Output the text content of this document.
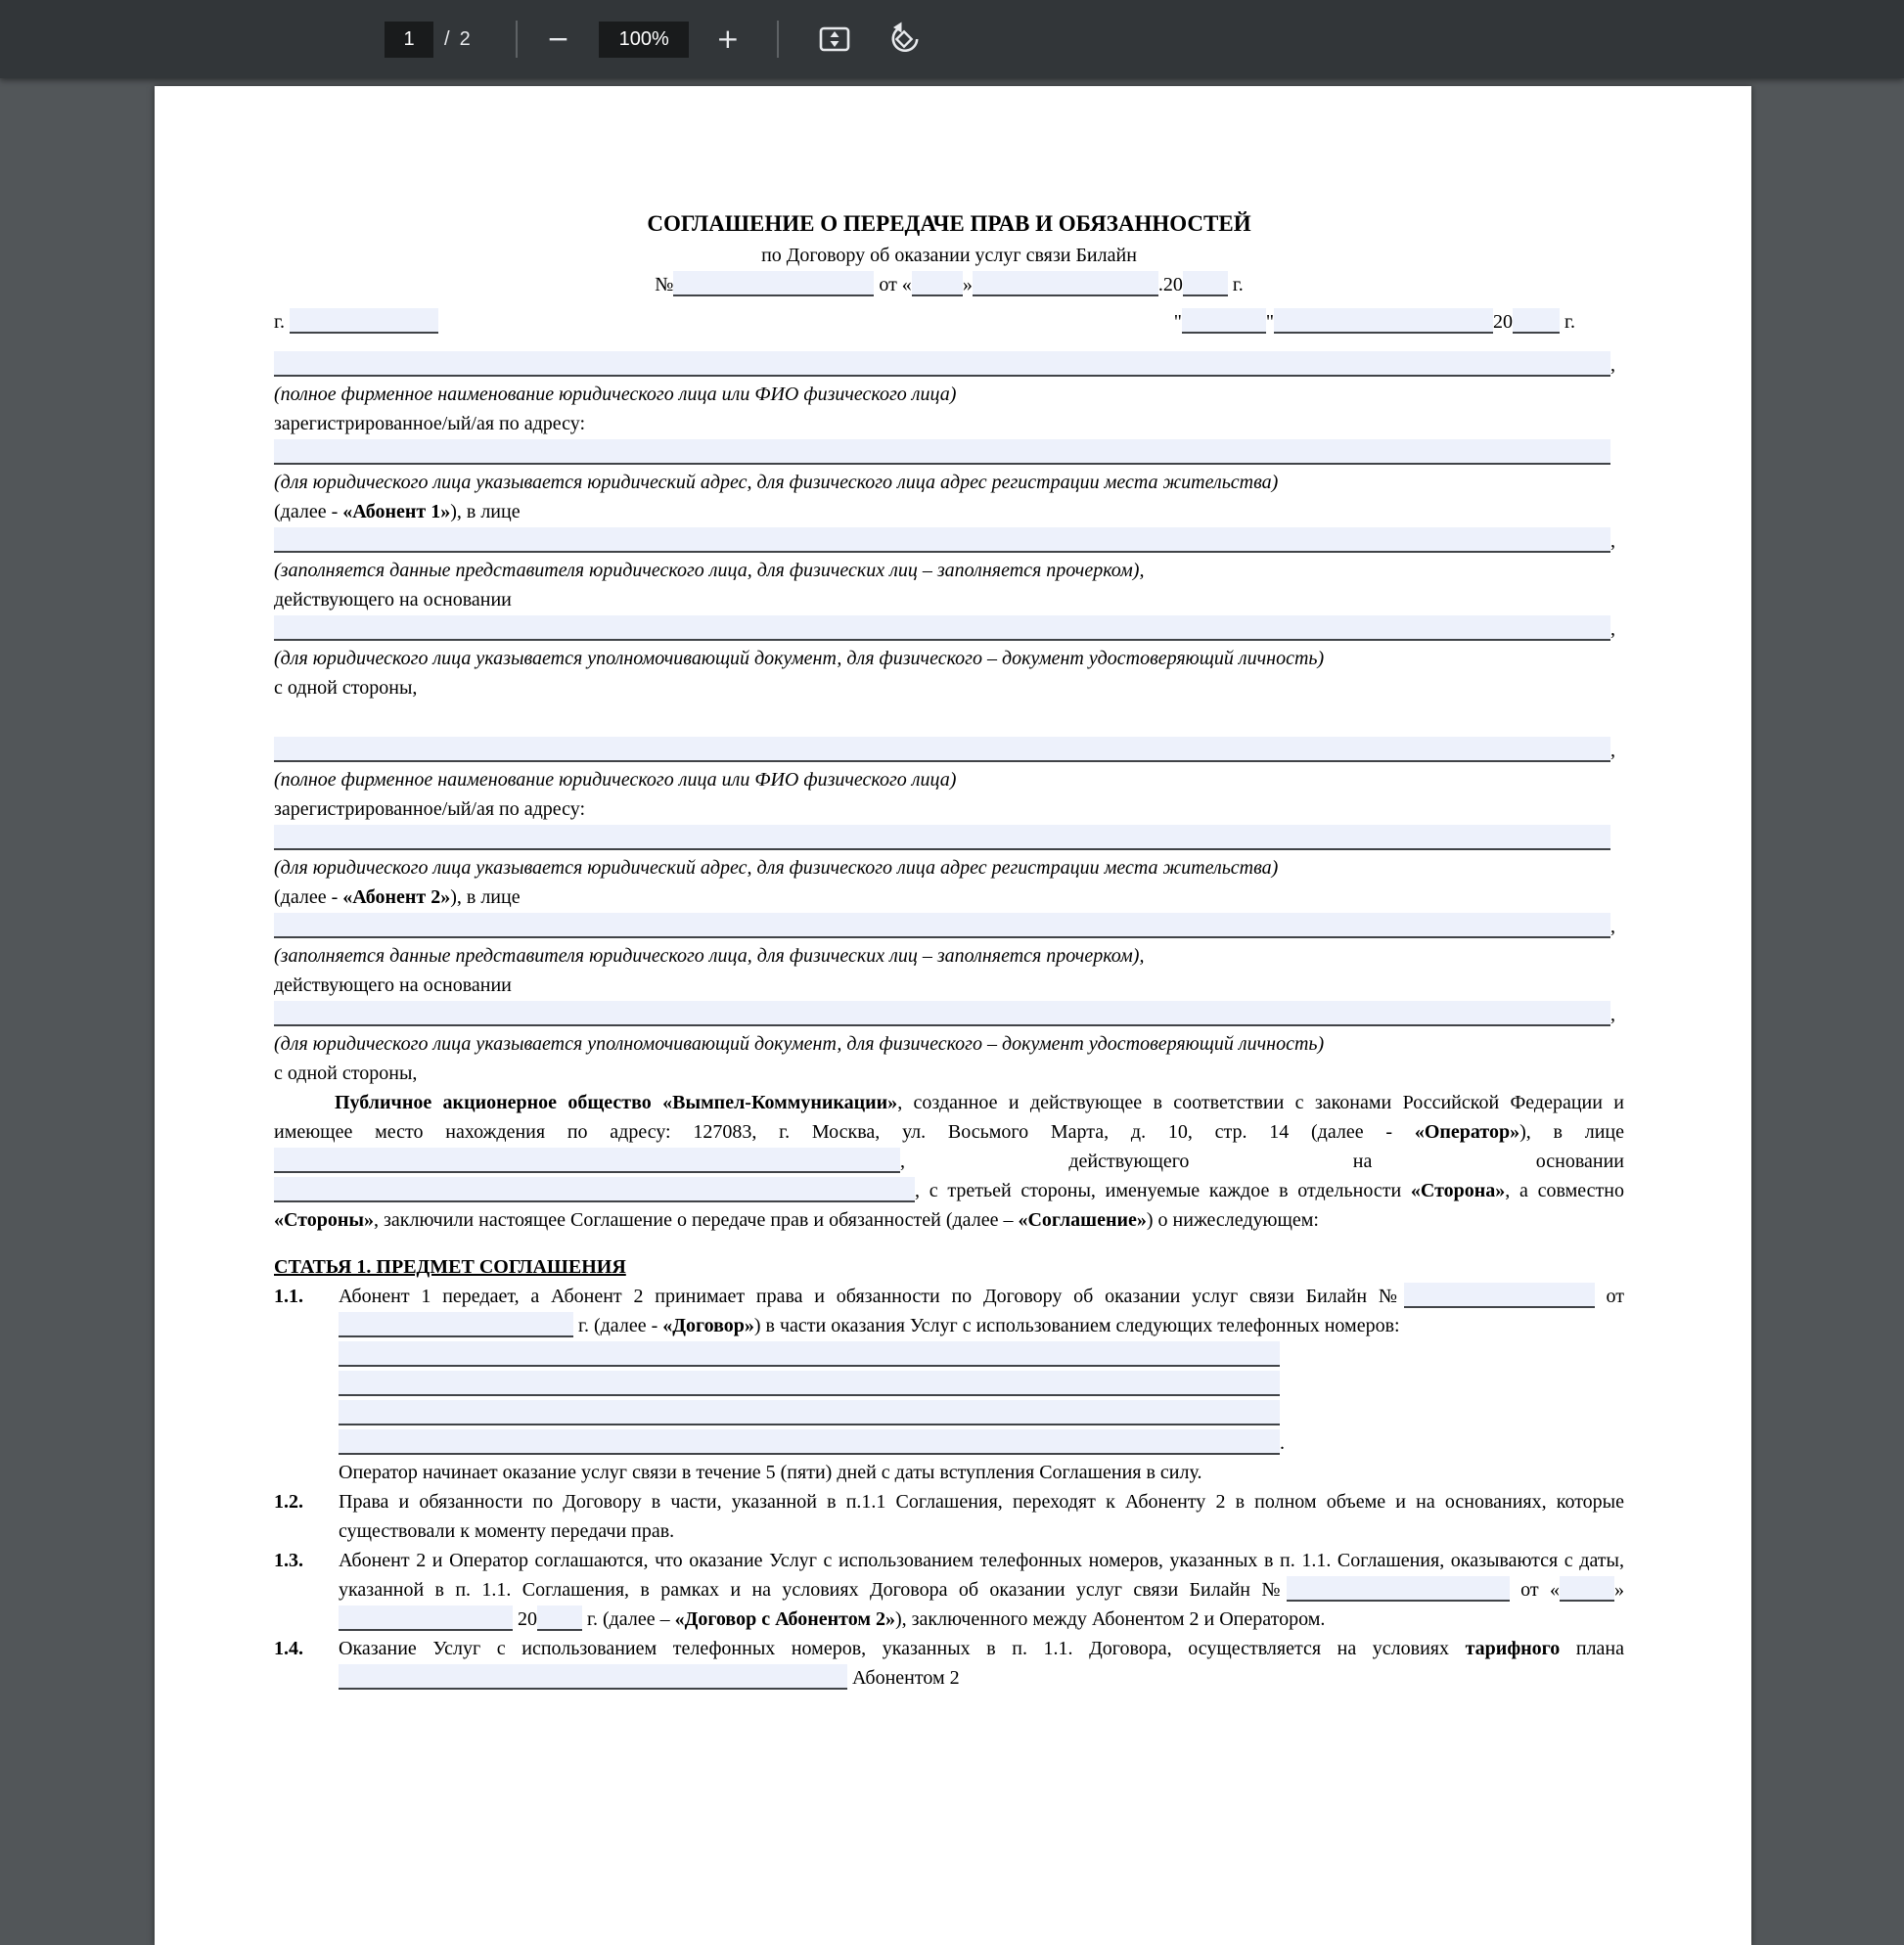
1
/ 2	−
100%	+
СОГЛАШЕНИЕ О ПЕРЕДАЧЕ ПРАВ И ОБЯЗАННОСТЕЙ
по Договору об оказании услуг связи Билайн
№	от «	»	.20 г.
г.	"	"	20 г.
,
(полное фирменное наименование юридического лица или ФИО физического лица)
зарегистрированное/ый/ая по адресу:
(для юридического лица указывается юридический адрес, для физического лица адрес регистрации места жительства)
(далее - «Абонент 1»), в лице
,
(заполняется данные представителя юридического лица, для физических лиц – заполняется прочерком),
действующего на основании
,
(для юридического лица указывается уполномочивающий документ, для физического – документ удостоверяющий личность)
с одной стороны,
,
(полное фирменное наименование юридического лица или ФИО физического лица)
зарегистрированное/ый/ая по адресу:
(для юридического лица указывается юридический адрес, для физического лица адрес регистрации места жительства)
(далее - «Абонент 2»), в лице
,
(заполняется данные представителя юридического лица, для физических лиц – заполняется прочерком),
действующего на основании
,
(для юридического лица указывается уполномочивающий документ, для физического – документ удостоверяющий личность)
с одной стороны,
Публичное акционерное общество «Вымпел-Коммуникации», созданное и действующее в соответствии с законами Российской Федерации и имеющее место нахождения по адресу: 127083, г. Москва, ул. Восьмого Марта, д. 10, стр. 14 (далее - «Оператор»), в лице , действующего на основании , с третьей стороны, именуемые каждое в отдельности «Сторона», а совместно «Стороны», заключили настоящее Соглашение о передаче прав и обязанностей (далее – «Соглашение») о нижеследующем:
СТАТЬЯ 1. ПРЕДМЕТ СОГЛАШЕНИЯ
1.1.	Абонент 1 передает, а Абонент 2 принимает права и обязанности по Договору об оказании услуг связи Билайн №	от  г. (далее - «Договор») в части оказания Услуг с использованием следующих телефонных номеров:
.
Оператор начинает оказание услуг связи в течение 5 (пяти) дней с даты вступления Соглашения в силу.
1.2.	Права и обязанности по Договору в части, указанной в п.1.1 Соглашения, переходят к Абоненту 2 в полном объеме и на основаниях, которые существовали к моменту передачи прав.
1.3.	Абонент 2 и Оператор соглашаются, что оказание Услуг с использованием телефонных номеров, указанных в п. 1.1. Соглашения, оказываются с даты, указанной в п. 1.1. Соглашения, в рамках и на условиях Договора об оказании услуг связи Билайн №	от «	»  20 г. (далее – «Договор с Абонентом 2»), заключенного между Абонентом 2 и Оператором.
1.4.	Оказание Услуг с использованием телефонных номеров, указанных в п. 1.1. Договора, осуществляется на условиях тарифного плана  Абонентом 2
